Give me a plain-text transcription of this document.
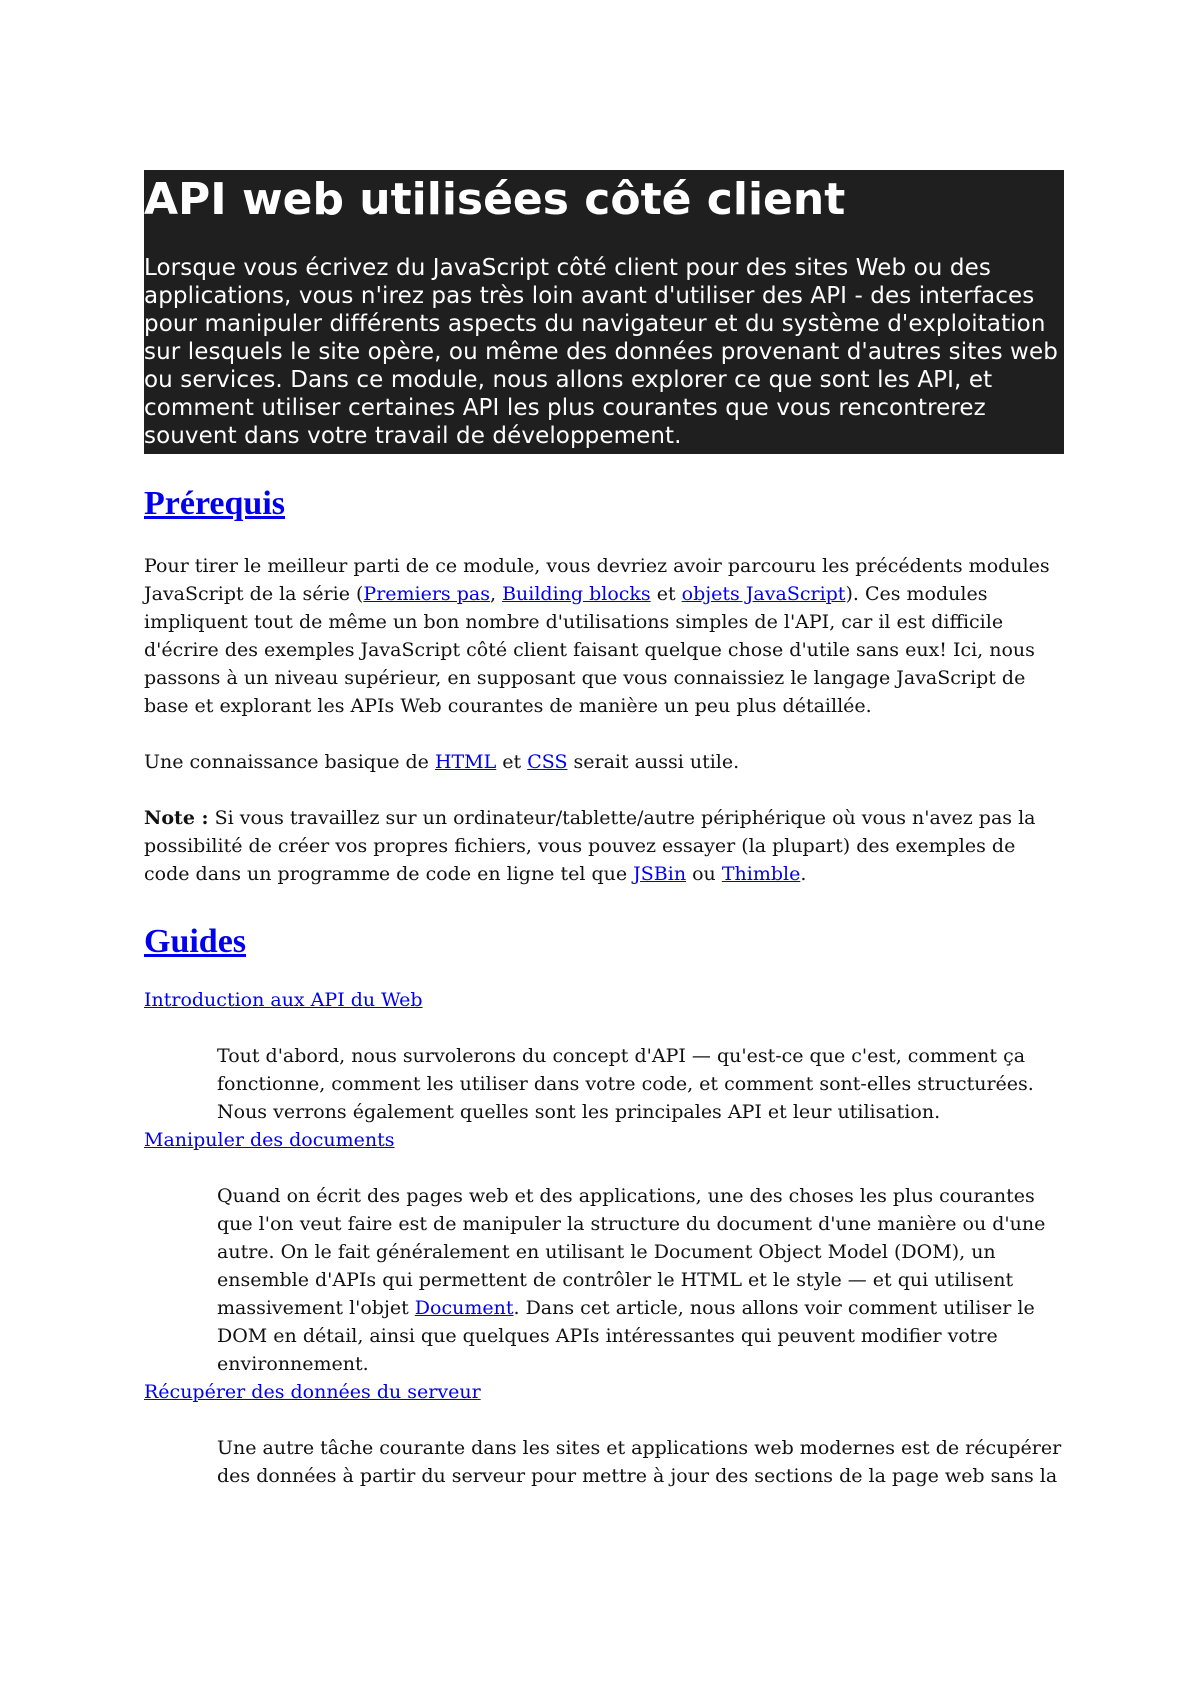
API web utilisées côté client

Lorsque vous écrivez du JavaScript côté client pour des sites Web ou des applications, vous n'irez pas très loin avant d'utiliser des API - des interfaces pour manipuler différents aspects du navigateur et du système d'exploitation sur lesquels le site opère, ou même des données provenant d'autres sites web ou services. Dans ce module, nous allons explorer ce que sont les API, et comment utiliser certaines API les plus courantes que vous rencontrerez souvent dans votre travail de développement.

Prérequis

Pour tirer le meilleur parti de ce module, vous devriez avoir parcouru les précédents modules JavaScript de la série (Premiers pas, Building blocks et objets JavaScript). Ces modules impliquent tout de même un bon nombre d'utilisations simples de l'API, car il est difficile d'écrire des exemples JavaScript côté client faisant quelque chose d'utile sans eux! Ici, nous passons à un niveau supérieur, en supposant que vous connaissiez le langage JavaScript de base et explorant les APIs Web courantes de manière un peu plus détaillée.

Une connaissance basique de HTML et CSS serait aussi utile.

Note : Si vous travaillez sur un ordinateur/tablette/autre périphérique où vous n'avez pas la possibilité de créer vos propres fichiers, vous pouvez essayer (la plupart) des exemples de code dans un programme de code en ligne tel que JSBin ou Thimble.

Guides

Introduction aux API du Web

Tout d'abord, nous survolerons du concept d'API — qu'est-ce que c'est, comment ça fonctionne, comment les utiliser dans votre code, et comment sont-elles structurées. Nous verrons également quelles sont les principales API et leur utilisation.

Manipuler des documents

Quand on écrit des pages web et des applications, une des choses les plus courantes que l'on veut faire est de manipuler la structure du document d'une manière ou d'une autre. On le fait généralement en utilisant le Document Object Model (DOM), un ensemble d'APIs qui permettent de contrôler le HTML et le style — et qui utilisent massivement l'objet Document. Dans cet article, nous allons voir comment utiliser le DOM en détail, ainsi que quelques APIs intéressantes qui peuvent modifier votre environnement.

Récupérer des données du serveur

Une autre tâche courante dans les sites et applications web modernes est de récupérer des données à partir du serveur pour mettre à jour des sections de la page web sans la
